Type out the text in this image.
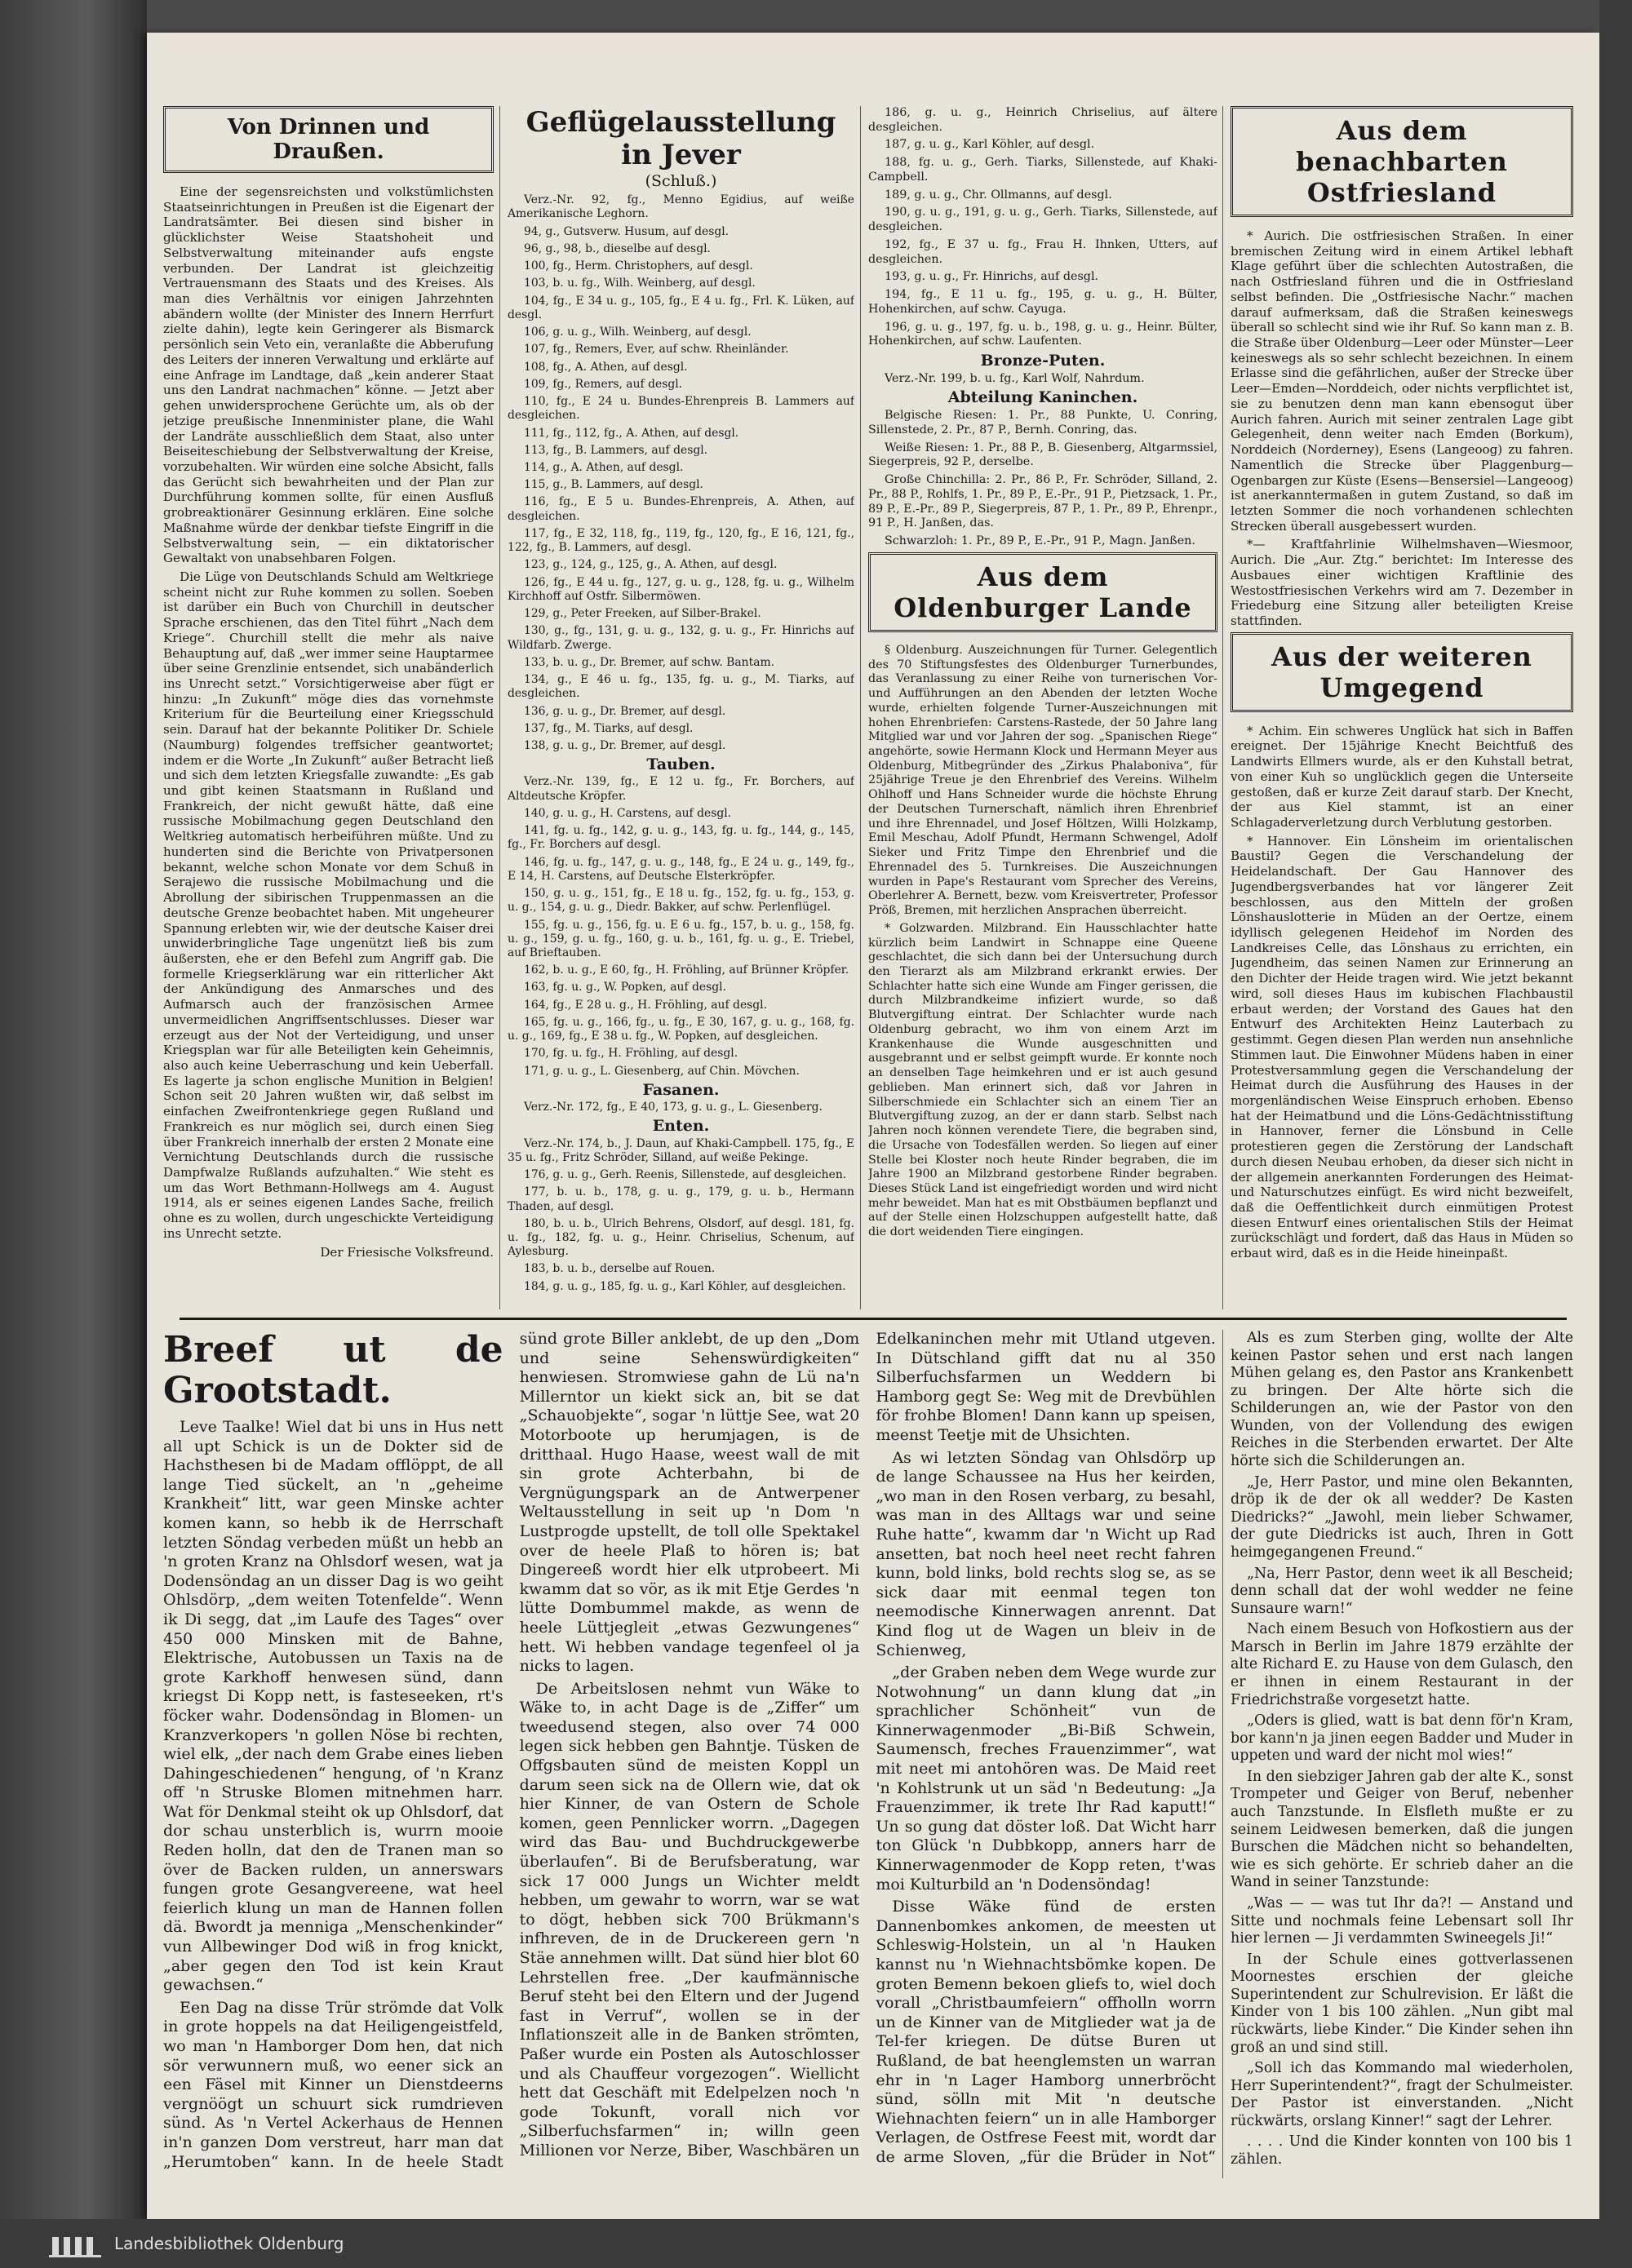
Von Drinnen und Draußen.

Eine der segensreichsten und volkstümlichsten Staatseinrichtungen in Preußen ist die Eigenart der Landratsämter. Bei diesen sind bisher in glücklichster Weise Staatshoheit und Selbstverwaltung miteinander aufs engste verbunden. Der Landrat ist gleichzeitig Vertrauensmann des Staats und des Kreises. Als man dies Verhältnis vor einigen Jahrzehnten abändern wollte (der Minister des Innern Herrfurt zielte dahin), legte kein Geringerer als Bismarck persönlich sein Veto ein, veranlaßte die Abberufung des Leiters der inneren Verwaltung und erklärte auf eine Anfrage im Landtage, daß „kein anderer Staat uns den Landrat nachmachen“ könne. — Jetzt aber gehen unwidersprochene Gerüchte um, als ob der jetzige preußische Innenminister plane, die Wahl der Landräte ausschließlich dem Staat, also unter Beiseiteschiebung der Selbstverwaltung der Kreise, vorzubehalten. Wir würden eine solche Absicht, falls das Gerücht sich bewahrheiten und der Plan zur Durchführung kommen sollte, für einen Ausfluß grobreaktionärer Gesinnung erklären. Eine solche Maßnahme würde der denkbar tiefste Eingriff in die Selbstverwaltung sein, — ein diktatorischer Gewaltakt von unabsehbaren Folgen.

Die Lüge von Deutschlands Schuld am Weltkriege scheint nicht zur Ruhe kommen zu sollen. Soeben ist darüber ein Buch von Churchill in deutscher Sprache erschienen, das den Titel führt „Nach dem Kriege“. Churchill stellt die mehr als naive Behauptung auf, daß „wer immer seine Hauptarmee über seine Grenzlinie entsendet, sich unabänderlich ins Unrecht setzt.“ Vorsichtigerweise aber fügt er hinzu: „In Zukunft“ möge dies das vornehmste Kriterium für die Beurteilung einer Kriegsschuld sein. Darauf hat der bekannte Politiker Dr. Schiele (Naumburg) folgendes treffsicher geantwortet; indem er die Worte „In Zukunft“ außer Betracht ließ und sich dem letzten Kriegsfalle zuwandte: „Es gab und gibt keinen Staatsmann in Rußland und Frankreich, der nicht gewußt hätte, daß eine russische Mobilmachung gegen Deutschland den Weltkrieg automatisch herbeiführen müßte. Und zu hunderten sind die Berichte von Privatpersonen bekannt, welche schon Monate vor dem Schuß in Serajewo die russische Mobilmachung und die Abrollung der sibirischen Truppenmassen an die deutsche Grenze beobachtet haben. Mit ungeheurer Spannung erlebten wir, wie der deutsche Kaiser drei unwiderbringliche Tage ungenützt ließ bis zum äußersten, ehe er den Befehl zum Angriff gab. Die formelle Kriegserklärung war ein ritterlicher Akt der Ankündigung des Anmarsches und des Aufmarsch auch der französischen Armee unvermeidlichen Angriffsentschlusses. Dieser war erzeugt aus der Not der Verteidigung, und unser Kriegsplan war für alle Beteiligten kein Geheimnis, also auch keine Ueberraschung und kein Ueberfall. Es lagerte ja schon englische Munition in Belgien! Schon seit 20 Jahren wußten wir, daß selbst im einfachen Zweifrontenkriege gegen Rußland und Frankreich es nur möglich sei, durch einen Sieg über Frankreich innerhalb der ersten 2 Monate eine Vernichtung Deutschlands durch die russische Dampfwalze Rußlands aufzuhalten.“ Wie steht es um das Wort Bethmann-Hollwegs am 4. August 1914, als er seines eigenen Landes Sache, freilich ohne es zu wollen, durch ungeschickte Verteidigung ins Unrecht setzte.

Der Friesische Volksfreund.
Geflügelausstellung in Jever
(Schluß.)

Verz.-Nr. 92, fg., Menno Egidius, auf weiße Amerikanische Leghorn.

94, g., Gutsverw. Husum, auf desgl.

96, g., 98, b., dieselbe auf desgl.

100, fg., Herm. Christophers, auf desgl.

103, b. u. fg., Wilh. Weinberg, auf desgl.

104, fg., E 34 u. g., 105, fg., E 4 u. fg., Frl. K. Lüken, auf desgl.

106, g. u. g., Wilh. Weinberg, auf desgl.

107, fg., Remers, Ever, auf schw. Rheinländer.

108, fg., A. Athen, auf desgl.

109, fg., Remers, auf desgl.

110, fg., E 24 u. Bundes-Ehrenpreis B. Lammers auf desgleichen.

111, fg., 112, fg., A. Athen, auf desgl.

113, fg., B. Lammers, auf desgl.

114, g., A. Athen, auf desgl.

115, g., B. Lammers, auf desgl.

116, fg., E 5 u. Bundes-Ehrenpreis, A. Athen, auf desgleichen.

117, fg., E 32, 118, fg., 119, fg., 120, fg., E 16, 121, fg., 122, fg., B. Lammers, auf desgl.

123, g., 124, g., 125, g., A. Athen, auf desgl.

126, fg., E 44 u. fg., 127, g. u. g., 128, fg. u. g., Wilhelm Kirchhoff auf Ostfr. Silbermöwen.

129, g., Peter Freeken, auf Silber-Brakel.

130, g., fg., 131, g. u. g., 132, g. u. g., Fr. Hinrichs auf Wildfarb. Zwerge.

133, b. u. g., Dr. Bremer, auf schw. Bantam.

134, g., E 46 u. fg., 135, fg. u. g., M. Tiarks, auf desgleichen.

136, g. u. g., Dr. Bremer, auf desgl.

137, fg., M. Tiarks, auf desgl.

138, g. u. g., Dr. Bremer, auf desgl.

Tauben.

Verz.-Nr. 139, fg., E 12 u. fg., Fr. Borchers, auf Altdeutsche Kröpfer.

140, g. u. g., H. Carstens, auf desgl.

141, fg. u. fg., 142, g. u. g., 143, fg. u. fg., 144, g., 145, fg., Fr. Borchers auf desgl.

146, fg. u. fg., 147, g. u. g., 148, fg., E 24 u. g., 149, fg., E 14, H. Carstens, auf Deutsche Elsterkröpfer.

150, g. u. g., 151, fg., E 18 u. fg., 152, fg. u. fg., 153, g. u. g., 154, g. u. g., Diedr. Bakker, auf schw. Perlenflügel.

155, fg. u. g., 156, fg. u. E 6 u. fg., 157, b. u. g., 158, fg. u. g., 159, g. u. fg., 160, g. u. b., 161, fg. u. g., E. Triebel, auf Brieftauben.

162, b. u. g., E 60, fg., H. Fröhling, auf Brünner Kröpfer.

163, fg. u. g., W. Popken, auf desgl.

164, fg., E 28 u. g., H. Fröhling, auf desgl.

165, fg. u. g., 166, fg., u. fg., E 30, 167, g. u. g., 168, fg. u. g., 169, fg., E 38 u. fg., W. Popken, auf desgleichen.

170, fg. u. fg., H. Fröhling, auf desgl.

171, g. u. g., L. Giesenberg, auf Chin. Mövchen.

Fasanen.

Verz.-Nr. 172, fg., E 40, 173, g. u. g., L. Giesenberg.

Enten.

Verz.-Nr. 174, b., J. Daun, auf Khaki-Campbell. 175, fg., E 35 u. fg., Fritz Schröder, Silland, auf weiße Pekinge.

176, g. u. g., Gerh. Reenis, Sillenstede, auf desgleichen.

177, b. u. b., 178, g. u. g., 179, g. u. b., Hermann Thaden, auf desgl.

180, b. u. b., Ulrich Behrens, Olsdorf, auf desgl. 181, fg. u. fg., 182, fg. u. g., Heinr. Chriselius, Schenum, auf Aylesburg.

183, b. u. b., derselbe auf Rouen.

184, g. u. g., 185, fg. u. g., Karl Köhler, auf desgleichen.

186, g. u. g., Heinrich Chriselius, auf ältere desgleichen.

187, g. u. g., Karl Köhler, auf desgl.

188, fg. u. g., Gerh. Tiarks, Sillenstede, auf Khaki-Campbell.

189, g. u. g., Chr. Ollmanns, auf desgl.

190, g. u. g., 191, g. u. g., Gerh. Tiarks, Sillenstede, auf desgleichen.

192, fg., E 37 u. fg., Frau H. Ihnken, Utters, auf desgleichen.

193, g. u. g., Fr. Hinrichs, auf desgl.

194, fg., E 11 u. fg., 195, g. u. g., H. Bülter, Hohenkirchen, auf schw. Cayuga.

196, g. u. g., 197, fg. u. b., 198, g. u. g., Heinr. Bülter, Hohenkirchen, auf schw. Laufenten.

Bronze-Puten.

Verz.-Nr. 199, b. u. fg., Karl Wolf, Nahrdum.

Abteilung Kaninchen.

Belgische Riesen: 1. Pr., 88 Punkte, U. Conring, Sillenstede, 2. Pr., 87 P., Bernh. Conring, das.

Weiße Riesen: 1. Pr., 88 P., B. Giesenberg, Altgarmssiel, Siegerpreis, 92 P., derselbe.

Große Chinchilla: 2. Pr., 86 P., Fr. Schröder, Silland, 2. Pr., 88 P., Rohlfs, 1. Pr., 89 P., E.-Pr., 91 P., Pietzsack, 1. Pr., 89 P., E.-Pr., 89 P., Siegerpreis, 87 P., 1. Pr., 89 P., Ehrenpr., 91 P., H. Janßen, das.

Schwarzloh: 1. Pr., 89 P., E.-Pr., 91 P., Magn. Janßen.

Aus dem Oldenburger Lande

§ Oldenburg. Auszeichnungen für Turner. Gelegentlich des 70 Stiftungsfestes des Oldenburger Turnerbundes, das Veranlassung zu einer Reihe von turnerischen Vor- und Aufführungen an den Abenden der letzten Woche wurde, erhielten folgende Turner-Auszeichnungen mit hohen Ehrenbriefen: Carstens-Rastede, der 50 Jahre lang Mitglied war und vor Jahren der sog. „Spanischen Riege“ angehörte, sowie Hermann Klock und Hermann Meyer aus Oldenburg, Mitbegründer des „Zirkus Phalaboniva“, für 25jährige Treue je den Ehrenbrief des Vereins. Wilhelm Ohlhoff und Hans Schneider wurde die höchste Ehrung der Deutschen Turnerschaft, nämlich ihren Ehrenbrief und ihre Ehrennadel, und Josef Höltzen, Willi Holzkamp, Emil Meschau, Adolf Pfundt, Hermann Schwengel, Adolf Sieker und Fritz Timpe den Ehrenbrief und die Ehrennadel des 5. Turnkreises. Die Auszeichnungen wurden in Pape's Restaurant vom Sprecher des Vereins, Oberlehrer A. Bernett, bezw. vom Kreisvertreter, Professor Pröß, Bremen, mit herzlichen Ansprachen überreicht.

* Golzwarden. Milzbrand. Ein Hausschlachter hatte kürzlich beim Landwirt in Schnappe eine Queene geschlachtet, die sich dann bei der Untersuchung durch den Tierarzt als am Milzbrand erkrankt erwies. Der Schlachter hatte sich eine Wunde am Finger gerissen, die durch Milzbrandkeime infiziert wurde, so daß Blutvergiftung eintrat. Der Schlachter wurde nach Oldenburg gebracht, wo ihm von einem Arzt im Krankenhause die Wunde ausgeschnitten und ausgebrannt und er selbst geimpft wurde. Er konnte noch an denselben Tage heimkehren und er ist auch gesund geblieben. Man erinnert sich, daß vor Jahren in Silberschmiede ein Schlachter sich an einem Tier an Blutvergiftung zuzog, an der er dann starb. Selbst nach Jahren noch können verendete Tiere, die begraben sind, die Ursache von Todesfällen werden. So liegen auf einer Stelle bei Kloster noch heute Rinder begraben, die im Jahre 1900 an Milzbrand gestorbene Rinder begraben. Dieses Stück Land ist eingefriedigt worden und wird nicht mehr beweidet. Man hat es mit Obstbäumen bepflanzt und auf der Stelle einen Holzschuppen aufgestellt hatte, daß die dort weidenden Tiere eingingen.

Aus dem benachbarten Ostfriesland

* Aurich. Die ostfriesischen Straßen. In einer bremischen Zeitung wird in einem Artikel lebhaft Klage geführt über die schlechten Autostraßen, die nach Ostfriesland führen und die in Ostfriesland selbst befinden. Die „Ostfriesische Nachr.“ machen darauf aufmerksam, daß die Straßen keineswegs überall so schlecht sind wie ihr Ruf. So kann man z. B. die Straße über Oldenburg—Leer oder Münster—Leer keineswegs als so sehr schlecht bezeichnen. In einem Erlasse sind die gefährlichen, außer der Strecke über Leer—Emden—Norddeich, oder nichts verpflichtet ist, sie zu benutzen denn man kann ebensogut über Aurich fahren. Aurich mit seiner zentralen Lage gibt Gelegenheit, denn weiter nach Emden (Borkum), Norddeich (Norderney), Esens (Langeoog) zu fahren. Namentlich die Strecke über Plaggenburg—Ogenbargen zur Küste (Esens—Bensersiel—Langeoog) ist anerkanntermaßen in gutem Zustand, so daß im letzten Sommer die noch vorhandenen schlechten Strecken überall ausgebessert wurden.

*— Kraftfahrlinie Wilhelmshaven—Wiesmoor, Aurich. Die „Aur. Ztg.“ berichtet: Im Interesse des Ausbaues einer wichtigen Kraftlinie des Westostfriesischen Verkehrs wird am 7. Dezember in Friedeburg eine Sitzung aller beteiligten Kreise stattfinden.

Aus der weiteren Umgegend

* Achim. Ein schweres Unglück hat sich in Baffen ereignet. Der 15jährige Knecht Beichtfuß des Landwirts Ellmers wurde, als er den Kuhstall betrat, von einer Kuh so unglücklich gegen die Unterseite gestoßen, daß er kurze Zeit darauf starb. Der Knecht, der aus Kiel stammt, ist an einer Schlagaderverletzung durch Verblutung gestorben.

* Hannover. Ein Lönsheim im orientalischen Baustil? Gegen die Verschandelung der Heidelandschaft. Der Gau Hannover des Jugendbergsverbandes hat vor längerer Zeit beschlossen, aus den Mitteln der großen Lönshauslotterie in Müden an der Oertze, einem idyllisch gelegenen Heidehof im Norden des Landkreises Celle, das Lönshaus zu errichten, ein Jugendheim, das seinen Namen zur Erinnerung an den Dichter der Heide tragen wird. Wie jetzt bekannt wird, soll dieses Haus im kubischen Flachbaustil erbaut werden; der Vorstand des Gaues hat den Entwurf des Architekten Heinz Lauterbach zu gestimmt. Gegen diesen Plan werden nun ansehnliche Stimmen laut. Die Einwohner Müdens haben in einer Protestversammlung gegen die Verschandelung der Heimat durch die Ausführung des Hauses in der morgenländischen Weise Einspruch erhoben. Ebenso hat der Heimatbund und die Löns-Gedächtnisstiftung in Hannover, ferner die Lönsbund in Celle protestieren gegen die Zerstörung der Landschaft durch diesen Neubau erhoben, da dieser sich nicht in der allgemein anerkannten Forderungen des Heimat- und Naturschutzes einfügt. Es wird nicht bezweifelt, daß die Oeffentlichkeit durch einmütigen Protest diesen Entwurf eines orientalischen Stils der Heimat zurückschlägt und fordert, daß das Haus in Müden so erbaut wird, daß es in die Heide hineinpaßt.

Breef ut de Grootstadt.

Leve Taalke! Wiel dat bi uns in Hus nett all upt Schick is un de Dokter sid de Hachsthesen bi de Madam offlöppt, de all lange Tied sückelt, an 'n „geheime Krankheit“ litt, war geen Minske achter komen kann, so hebb ik de Herrschaft letzten Söndag verbeden müßt un hebb an 'n groten Kranz na Ohlsdorf wesen, wat ja Dodensöndag an un disser Dag is wo geiht Ohlsdörp, „dem weiten Totenfelde“. Wenn ik Di segg, dat „im Laufe des Tages“ over 450 000 Minsken mit de Bahne, Elektrische, Autobussen un Taxis na de grote Karkhoff henwesen sünd, dann kriegst Di Kopp nett, is fasteseeken, rt's föcker wahr. Dodensöndag in Blomen- un Kranzverkopers 'n gollen Nöse bi rechten, wiel elk, „der nach dem Grabe eines lieben Dahingeschiedenen“ hengung, of 'n Kranz off 'n Struske Blomen mitnehmen harr. Wat för Denkmal steiht ok up Ohlsdorf, dat dor schau unsterblich is, wurrn mooie Reden holln, dat den de Tranen man so över de Backen rulden, un annerswars fungen grote Gesangvereene, wat heel feierlich klung un man de Hannen follen dä. Bwordt ja menniga „Menschenkinder“ vun Allbewinger Dod wiß in frog knickt, „aber gegen den Tod ist kein Kraut gewachsen.“

Een Dag na disse Trür strömde dat Volk in grote hoppels na dat Heiligengeistfeld, wo man 'n Hamborger Dom hen, dat nich sör verwunnern muß, wo eener sick an een Fäsel mit Kinner un Dienstdeerns vergnöögt un schuurt sick rumdrieven sünd. As 'n Vertel Ackerhaus de Hennen in'n ganzen Dom verstreut, harr man dat „Herumtoben“ kann. In de heele Stadt sünd grote Biller anklebt, de up den „Dom und seine Sehenswürdigkeiten“ henwiesen. Stromwiese gahn de Lü na'n Millerntor un kiekt sick an, bit se dat „Schauobjekte“, sogar 'n lüttje See, wat 20 Motorboote up herumjagen, is de dritthaal. Hugo Haase, weest wall de mit sin grote Achterbahn, bi de Vergnügungspark an de Antwerpener Weltausstellung in seit up 'n Dom 'n Lustprogde upstellt, de toll olle Spektakel over de heele Plaß to hören is; bat Dingereeß wordt hier elk utprobeert. Mi kwamm dat so vör, as ik mit Etje Gerdes 'n lütte Dombummel makde, as wenn de heele Lüttjegleit „etwas Gezwungenes“ hett. Wi hebben vandage tegenfeel ol ja nicks to lagen.

De Arbeitslosen nehmt vun Wäke to Wäke to, in acht Dage is de „Ziffer“ um tweedusend stegen, also over 74 000 legen sick hebben gen Bahntje. Tüsken de Offgsbauten sünd de meisten Koppl un darum seen sick na de Ollern wie, dat ok hier Kinner, de van Ostern de Schole komen, geen Pennlicker worrn. „Dagegen wird das Bau- und Buchdruckgewerbe überlaufen“. Bi de Berufsberatung, war sick 17 000 Jungs un Wichter meldt hebben, um gewahr to worrn, war se wat to dögt, hebben sick 700 Brükmann's infhreven, de in de Druckereen gern 'n Stäe annehmen willt. Dat sünd hier blot 60 Lehrstellen free. „Der kaufmännische Beruf steht bei den Eltern und der Jugend fast in Verruf“, wollen se in der Inflationszeit alle in de Banken strömten, Paßer wurde ein Posten als Autoschlosser und als Chauffeur vorgezogen“. Wiellicht hett dat Geschäft mit Edelpelzen noch 'n gode Tokunft, vorall nich vor „Silberfuchsfarmen“ in; willn geen Millionen vor Nerze, Biber, Waschbären un Edelkaninchen mehr mit Utland utgeven. In Dütschland gifft dat nu al 350 Silberfuchsfarmen un Weddern bi Hamborg gegt Se: Weg mit de Drevbühlen för frohbe Blomen! Dann kann up speisen, meenst Teetje mit de Uhsichten.

As wi letzten Söndag van Ohlsdörp up de lange Schaussee na Hus her keirden, „wo man in den Rosen verbarg, zu besahl, was man in des Alltags war und seine Ruhe hatte“, kwamm dar 'n Wicht up Rad ansetten, bat noch heel neet recht fahren kunn, bold links, bold rechts slog se, as se sick daar mit eenmal tegen ton neemodische Kinnerwagen anrennt. Dat Kind flog ut de Wagen un bleiv in de Schienweg,

„der Graben neben dem Wege wurde zur Notwohnung“ un dann klung dat „in sprachlicher Schönheit“ vun de Kinnerwagenmoder „Bi-Biß Schwein, Saumensch, freches Frauenzimmer“, wat mit neet mi antohören was. De Maid reet 'n Kohlstrunk ut un säd 'n Bedeutung: „Ja Frauenzimmer, ik trete Ihr Rad kaputt!“ Un so gung dat döster loß. Dat Wicht harr ton Glück 'n Dubbkopp, anners harr de Kinnerwagenmoder de Kopp reten, t'was moi Kulturbild an 'n Dodensöndag!

Disse Wäke fünd de ersten Dannenbomkes ankomen, de meesten ut Schleswig-Holstein, un al 'n Hauken kannst nu 'n Wiehnachtsbömke kopen. De groten Bemenn bekoen gliefs to, wiel doch vorall „Christbaumfeiern“ offholln worrn un de Kinner van de Mitglieder wat ja de Tel-fer kriegen. De dütse Buren ut Rußland, de bat heenglemsten un warran ehr in 'n Lager Hamborg unnerbröcht sünd, sölln mit Mit 'n deutsche Wiehnachten feiern“ un in alle Hamborger Verlagen, de Ostfrese Feest mit, wordt dar de arme Sloven, „für die Brüder in Not“

Als es zum Sterben ging, wollte der Alte keinen Pastor sehen und erst nach langen Mühen gelang es, den Pastor ans Krankenbett zu bringen. Der Alte hörte sich die Schilderungen an, wie der Pastor von den Wunden, von der Vollendung des ewigen Reiches in die Sterbenden erwartet. Der Alte hörte sich die Schilderungen an.

„Je, Herr Pastor, und mine olen Bekannten, dröp ik de der ok all wedder? De Kasten Diedricks?“ „Jawohl, mein lieber Schwamer, der gute Diedricks ist auch, Ihren in Gott heimgegangenen Freund.“

„Na, Herr Pastor, denn weet ik all Bescheid; denn schall dat der wohl wedder ne feine Sunsaure warn!“

Nach einem Besuch von Hofkostiern aus der Marsch in Berlin im Jahre 1879 erzählte der alte Richard E. zu Hause von dem Gulasch, den er ihnen in einem Restaurant in der Friedrichstraße vorgesetzt hatte.

„Oders is glied, watt is bat denn för'n Kram, bor kann'n ja jinen eegen Badder und Muder in uppeten und ward der nicht mol wies!“

In den siebziger Jahren gab der alte K., sonst Trompeter und Geiger von Beruf, nebenher auch Tanzstunde. In Elsfleth mußte er zu seinem Leidwesen bemerken, daß die jungen Burschen die Mädchen nicht so behandelten, wie es sich gehörte. Er schrieb daher an die Wand in seiner Tanzstunde:

„Was — — was tut Ihr da?! — Anstand und Sitte und nochmals feine Lebensart soll Ihr hier lernen — Ji verdammten Swineegels Ji!“

In der Schule eines gottverlassenen Moornestes erschien der gleiche Superintendent zur Schulrevision. Er läßt die Kinder von 1 bis 100 zählen. „Nun gibt mal rückwärts, liebe Kinder.“ Die Kinder sehen ihn groß an und sind still.

„Soll ich das Kommando mal wiederholen, Herr Superintendent?“, fragt der Schulmeister. Der Pastor ist einverstanden. „Nicht rückwärts, orslang Kinner!“ sagt der Lehrer.

. . . . Und die Kinder konnten von 100 bis 1 zählen.

Landesbibliothek Oldenburg
